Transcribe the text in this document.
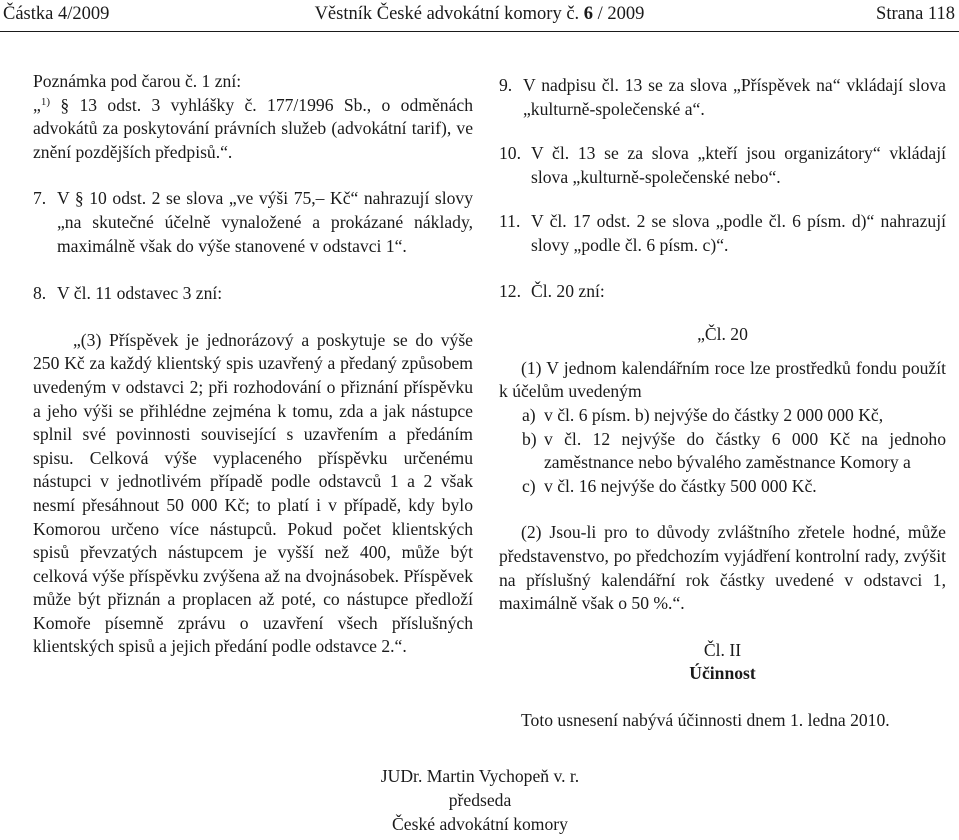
Částka 4/2009	Věstník České advokátní komory č. 6 / 2009	Strana 118

Poznámka pod čarou č. 1 zní:

„$^{1)}$ § 13 odst. 3 vyhlášky č. 177/1996 Sb., o odměnách advokátů za poskytování právních služeb (advokátní tarif), ve znění pozdějších předpisů.“.

7. V § 10 odst. 2 se slova „ve výši 75,– Kč“ nahrazují slovy „na skutečné účelně vynaložené a prokázané náklady, maximálně však do výše stanovené v odstavci 1“.

8. V čl. 11 odstavec 3 zní:

„(3) Příspěvek je jednorázový a poskytuje se do výše 250 Kč za každý klientský spis uzavřený a předaný způsobem uvedeným v odstavci 2; při rozhodování o přiznání příspěvku a jeho výši se přihlédne zejména k tomu, zda a jak nástupce splnil své povinnosti související s uzavřením a předáním spisu. Celková výše vyplaceného příspěvku určenému nástupci v jednotlivém případě podle odstavců 1 a 2 však nesmí přesáhnout 50 000 Kč; to platí i v případě, kdy bylo Komorou určeno více nástupců. Pokud počet klientských spisů převzatých nástupcem je vyšší než 400, může být celková výše příspěvku zvýšena až na dvojnásobek. Příspěvek může být přiznán a proplacen až poté, co nástupce předloží Komoře písemně zprávu o uzavření všech příslušných klientských spisů a jejich předání podle odstavce 2.“.

9. V nadpisu čl. 13 se za slova „Příspěvek na“ vkládají slova „kulturně-společenské a“.

10. V čl. 13 se za slova „kteří jsou organizátory“ vkládají slova „kulturně-společenské nebo“.

11. V čl. 17 odst. 2 se slova „podle čl. 6 písm. d)“ nahrazují slovy „podle čl. 6 písm. c)“.

12. Čl. 20 zní:

„Čl. 20

(1) V jednom kalendářním roce lze prostředků fondu použít k účelům uvedeným

a) v čl. 6 písm. b) nejvýše do částky 2 000 000 Kč,
b) v čl. 12 nejvýše do částky 6 000 Kč na jednoho zaměstnance nebo bývalého zaměstnance Komory a
c) v čl. 16 nejvýše do částky 500 000 Kč.

(2) Jsou-li pro to důvody zvláštního zřetele hodné, může představenstvo, po předchozím vyjádření kontrolní rady, zvýšit na příslušný kalendářní rok částky uvedené v odstavci 1, maximálně však o 50 %.“.

Čl. II

Účinnost

Toto usnesení nabývá účinnosti dnem 1. ledna 2010.

JUDr. Martin Vychopeň v. r.
předseda
České advokátní komory
